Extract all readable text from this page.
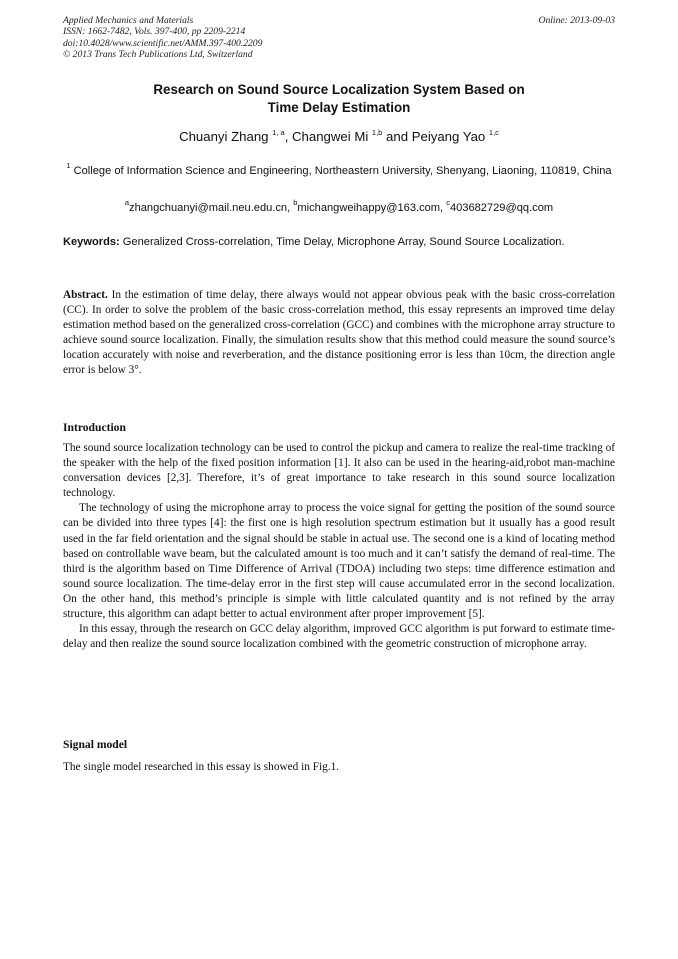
Applied Mechanics and Materials
ISSN: 1662-7482, Vols. 397-400, pp 2209-2214
doi:10.4028/www.scientific.net/AMM.397-400.2209
© 2013 Trans Tech Publications Ltd, Switzerland
Online: 2013-09-03
Research on Sound Source Localization System Based on
Time Delay Estimation
Chuanyi Zhang $^{1, a}$, Changwei Mi $^{1,b}$ and Peiyang Yao $^{1,c}$
$^1$ College of Information Science and Engineering, Northeastern University, Shenyang, Liaoning, 110819, China
$^a$zhangchuanyi@mail.neu.edu.cn, $^b$michangweihappy@163.com, $^c$403682729@qq.com
Keywords: Generalized Cross-correlation, Time Delay, Microphone Array, Sound Source Localization.
Abstract. In the estimation of time delay, there always would not appear obvious peak with the basic cross-correlation (CC). In order to solve the problem of the basic cross-correlation method, this essay represents an improved time delay estimation method based on the generalized cross-correlation (GCC) and combines with the microphone array structure to achieve sound source localization. Finally, the simulation results show that this method could measure the sound source’s location accurately with noise and reverberation, and the distance positioning error is less than 10cm, the direction angle error is below 3°.
Introduction

The sound source localization technology can be used to control the pickup and camera to realize the real-time tracking of the speaker with the help of the fixed position information [1]. It also can be used in the hearing-aid,robot man-machine conversation devices [2,3]. Therefore, it’s of great importance to take research in this sound source localization technology.

The technology of using the microphone array to process the voice signal for getting the position of the sound source can be divided into three types [4]: the first one is high resolution spectrum estimation but it usually has a good result used in the far field orientation and the signal should be stable in actual use. The second one is a kind of locating method based on controllable wave beam, but the calculated amount is too much and it can’t satisfy the demand of real-time. The third is the algorithm based on Time Difference of Arrival (TDOA) including two steps: time difference estimation and sound source localization. The time-delay error in the first step will cause accumulated error in the second localization. On the other hand, this method’s principle is simple with little calculated quantity and is not refined by the array structure, this algorithm can adapt better to actual environment after proper improvement [5].

In this essay, through the research on GCC delay algorithm, improved GCC algorithm is put forward to estimate time-delay and then realize the sound source localization combined with the geometric construction of microphone array.

Signal model

The single model researched in this essay is showed in Fig.1.
